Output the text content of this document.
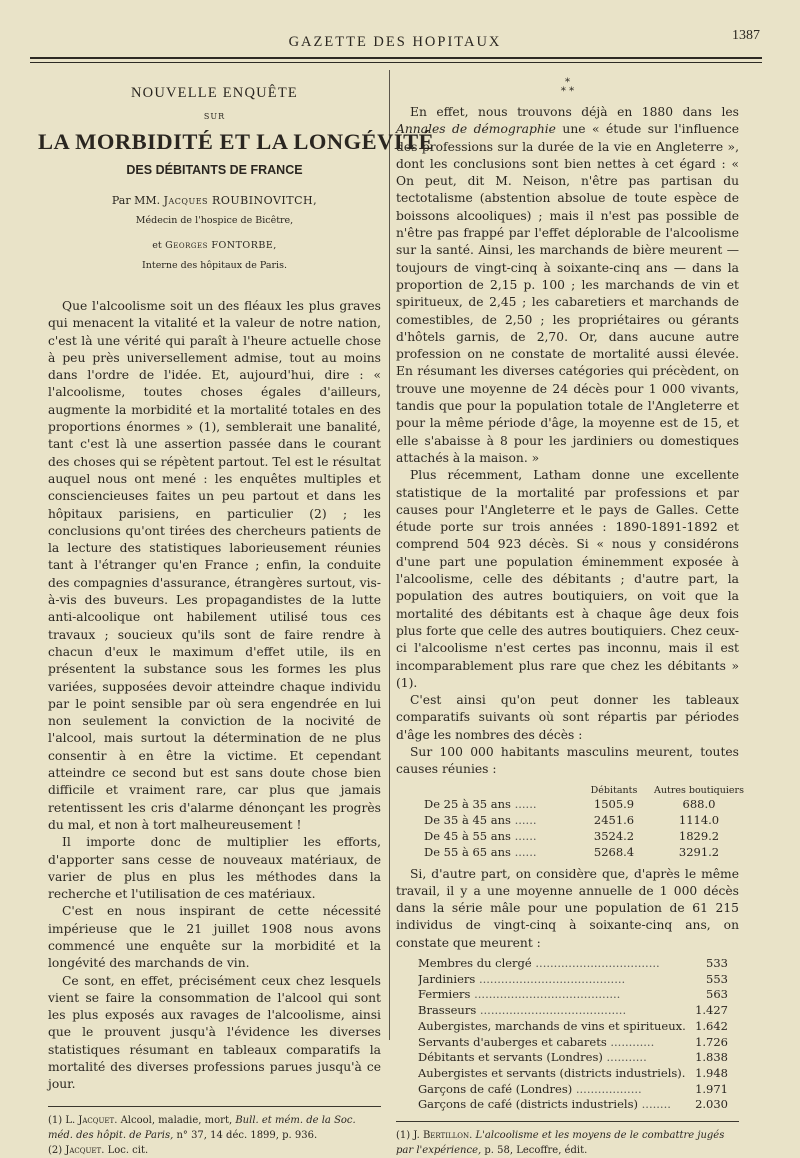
GAZETTE DES HOPITAUX	1387
NOUVELLE ENQUÊTE
SUR
LA MORBIDITÉ ET LA LONGÉVITÉ
DES DÉBITANTS DE FRANCE
Par MM. Jacques ROUBINOVITCH,
Médecin de l'hospice de Bicêtre,
et Georges FONTORBE,
Interne des hôpitaux de Paris.

Que l'alcoolisme soit un des fléaux les plus graves qui menacent la vitalité et la valeur de notre nation, c'est là une vérité qui paraît à l'heure actuelle chose à peu près universellement admise, tout au moins dans l'ordre de l'idée. Et, aujourd'hui, dire : « l'alcoolisme, toutes choses égales d'ailleurs, augmente la morbidité et la mortalité totales en des proportions énormes » (1), semblerait une banalité, tant c'est là une assertion passée dans le courant des choses qui se répètent partout. Tel est le résultat auquel nous ont mené : les enquêtes multiples et consciencieuses faites un peu partout et dans les hôpitaux parisiens, en particulier (2) ; les conclusions qu'ont tirées des chercheurs patients de la lecture des statistiques laborieusement réunies tant à l'étranger qu'en France ; enfin, la conduite des compagnies d'assurance, étrangères surtout, vis-à-vis des buveurs. Les propagandistes de la lutte anti-alcoolique ont habilement utilisé tous ces travaux ; soucieux qu'ils sont de faire rendre à chacun d'eux le maximum d'effet utile, ils en présentent la substance sous les formes les plus variées, supposées devoir atteindre chaque individu par le point sensible par où sera engendrée en lui non seulement la conviction de la nocivité de l'alcool, mais surtout la détermination de ne plus consentir à en être la victime. Et cependant atteindre ce second but est sans doute chose bien difficile et vraiment rare, car plus que jamais retentissent les cris d'alarme dénonçant les progrès du mal, et non à tort malheureusement !

Il importe donc de multiplier les efforts, d'apporter sans cesse de nouveaux matériaux, de varier de plus en plus les méthodes dans la recherche et l'utilisation de ces matériaux.

C'est en nous inspirant de cette nécessité impérieuse que le 21 juillet 1908 nous avons commencé une enquête sur la morbidité et la longévité des marchands de vin.

Ce sont, en effet, précisément ceux chez lesquels vient se faire la consommation de l'alcool qui sont les plus exposés aux ravages de l'alcoolisme, ainsi que le prouvent jusqu'à l'évidence les diverses statistiques résumant en tableaux comparatifs la mortalité des diverses professions parues jusqu'à ce jour.

(1) L. Jacquet. Alcool, maladie, mort, Bull. et mém. de la Soc. méd. des hôpit. de Paris, n° 37, 14 déc. 1899, p. 936.

(2) Jacquet. Loc. cit.

*
* *

En effet, nous trouvons déjà en 1880 dans les Annales de démographie une « étude sur l'influence des professions sur la durée de la vie en Angleterre », dont les conclusions sont bien nettes à cet égard : « On peut, dit M. Neison, n'être pas partisan du tectotalisme (abstention absolue de toute espèce de boissons alcooliques) ; mais il n'est pas possible de n'être pas frappé par l'effet déplorable de l'alcoolisme sur la santé. Ainsi, les marchands de bière meurent — toujours de vingt-cinq à soixante-cinq ans — dans la proportion de 2,15 p. 100 ; les marchands de vin et spiritueux, de 2,45 ; les cabaretiers et marchands de comestibles, de 2,50 ; les propriétaires ou gérants d'hôtels garnis, de 2,70. Or, dans aucune autre profession on ne constate de mortalité aussi élevée. En résumant les diverses catégories qui précèdent, on trouve une moyenne de 24 décès pour 1 000 vivants, tandis que pour la population totale de l'Angleterre et pour la même période d'âge, la moyenne est de 15, et elle s'abaisse à 8 pour les jardiniers ou domestiques attachés à la maison. »

Plus récemment, Latham donne une excellente statistique de la mortalité par professions et par causes pour l'Angleterre et le pays de Galles. Cette étude porte sur trois années : 1890-1891-1892 et comprend 504 923 décès. Si « nous y considérons d'une part une population éminemment exposée à l'alcoolisme, celle des débitants ; d'autre part, la population des autres boutiquiers, on voit que la mortalité des débitants est à chaque âge deux fois plus forte que celle des autres boutiquiers. Chez ceux-ci l'alcoolisme n'est certes pas inconnu, mais il est incomparablement plus rare que chez les débitants » (1).

C'est ainsi qu'on peut donner les tableaux comparatifs suivants où sont répartis par périodes d'âge les nombres des décès :

Sur 100 000 habitants masculins meurent, toutes causes réunies :

	Débitants	Autres boutiquiers
De 25 à 35 ans ......	1505.9	688.0
De 35 à 45 ans ......	2451.6	1114.0
De 45 à 55 ans ......	3524.2	1829.2
De 55 à 65 ans ......	5268.4	3291.2

Si, d'autre part, on considère que, d'après le même travail, il y a une moyenne annuelle de 1 000 décès dans la série mâle pour une population de 61 215 individus de vingt-cinq à soixante-cinq ans, on constate que meurent :

Membres du clergé ..................................	533
Jardiniers ........................................	553
Fermiers ........................................	563
Brasseurs ........................................	1.427
Aubergistes, marchands de vins et spiritueux.	1.642
Servants d'auberges et cabarets ............	1.726
Débitants et servants (Londres) ...........	1.838
Aubergistes et servants (districts industriels).	1.948
Garçons de café (Londres) ..................	1.971
Garçons de café (districts industriels) ........	2.030

(1) J. Bertillon. L'alcoolisme et les moyens de le combattre jugés par l'expérience, p. 58, Lecoffre, édit.
